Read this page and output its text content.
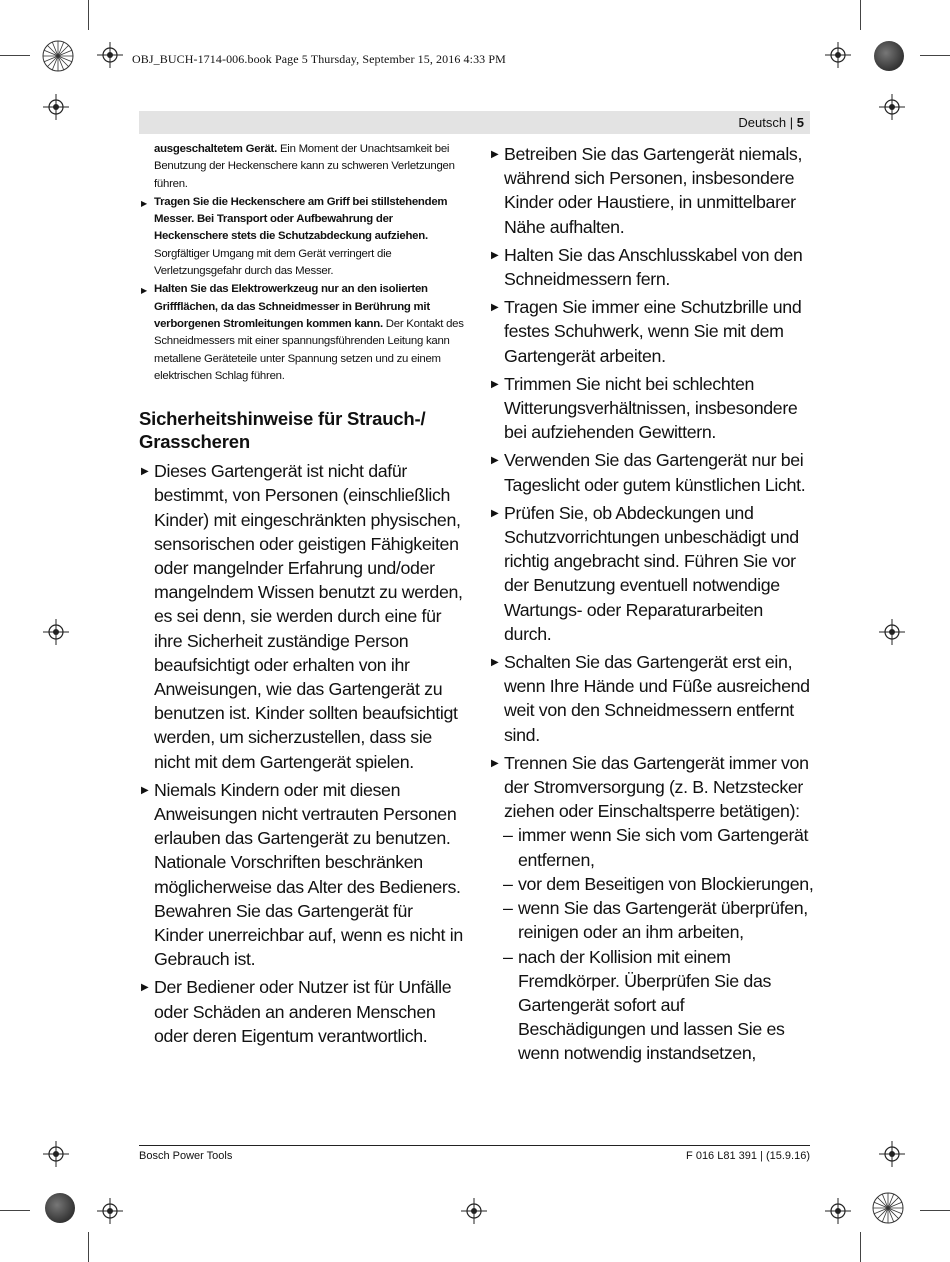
OBJ_BUCH-1714-006.book Page 5 Thursday, September 15, 2016 4:33 PM
Deutsch | 5

ausgeschaltetem Gerät. Ein Moment der Unachtsamkeit bei Benutzung der Heckenschere kann zu schweren Verletzungen führen.

▶ Tragen Sie die Heckenschere am Griff bei stillstehendem Messer. Bei Transport oder Aufbewahrung der Heckenschere stets die Schutzabdeckung aufziehen. Sorgfältiger Umgang mit dem Gerät verringert die Verletzungsgefahr durch das Messer.
▶ Halten Sie das Elektrowerkzeug nur an den isolierten Griffflächen, da das Schneidmesser in Berührung mit verborgenen Stromleitungen kommen kann. Der Kontakt des Schneidmessers mit einer spannungsführenden Leitung kann metallene Geräteteile unter Spannung setzen und zu einem elektrischen Schlag führen.
Sicherheitshinweise für Strauch-/ Grasscheren
▶ Dieses Gartengerät ist nicht dafür bestimmt, von Personen (einschließlich Kinder) mit eingeschränkten physischen, sensorischen oder geistigen Fähigkeiten oder mangelnder Erfahrung und/oder mangelndem Wissen benutzt zu werden, es sei denn, sie werden durch eine für ihre Sicherheit zuständige Person beaufsichtigt oder erhalten von ihr Anweisungen, wie das Gartengerät zu benutzen ist. Kinder sollten beaufsichtigt werden, um sicherzustellen, dass sie nicht mit dem Gartengerät spielen.
▶ Niemals Kindern oder mit diesen Anweisungen nicht vertrauten Personen erlauben das Gartengerät zu benutzen. Nationale Vorschriften beschränken möglicherweise das Alter des Bedieners. Bewahren Sie das Gartengerät für Kinder unerreichbar auf, wenn es nicht in Gebrauch ist.
▶ Der Bediener oder Nutzer ist für Unfälle oder Schäden an anderen Menschen oder deren Eigentum verantwortlich.
▶ Betreiben Sie das Gartengerät niemals, während sich Personen, insbesondere Kinder oder Haustiere, in unmittelbarer Nähe aufhalten.
▶ Halten Sie das Anschlusskabel von den Schneidmessern fern.
▶ Tragen Sie immer eine Schutzbrille und festes Schuhwerk, wenn Sie mit dem Gartengerät arbeiten.
▶ Trimmen Sie nicht bei schlechten Witterungsverhältnissen, insbesondere bei aufziehenden Gewittern.
▶ Verwenden Sie das Gartengerät nur bei Tageslicht oder gutem künstlichen Licht.
▶ Prüfen Sie, ob Abdeckungen und Schutzvorrichtungen unbeschädigt und richtig angebracht sind. Führen Sie vor der Benutzung eventuell notwendige Wartungs- oder Reparaturarbeiten durch.
▶ Schalten Sie das Gartengerät erst ein, wenn Ihre Hände und Füße ausreichend weit von den Schneidmessern entfernt sind.
▶ Trennen Sie das Gartengerät immer von der Stromversorgung (z. B. Netzstecker ziehen oder Einschaltsperre betätigen):
– immer wenn Sie sich vom Gartengerät entfernen,
– vor dem Beseitigen von Blockierungen,
– wenn Sie das Gartengerät überprüfen, reinigen oder an ihm arbeiten,
– nach der Kollision mit einem Fremdkörper. Überprüfen Sie das Gartengerät sofort auf Beschädigungen und lassen Sie es wenn notwendig instandsetzen,
Bosch Power Tools	F 016 L81 391 | (15.9.16)
